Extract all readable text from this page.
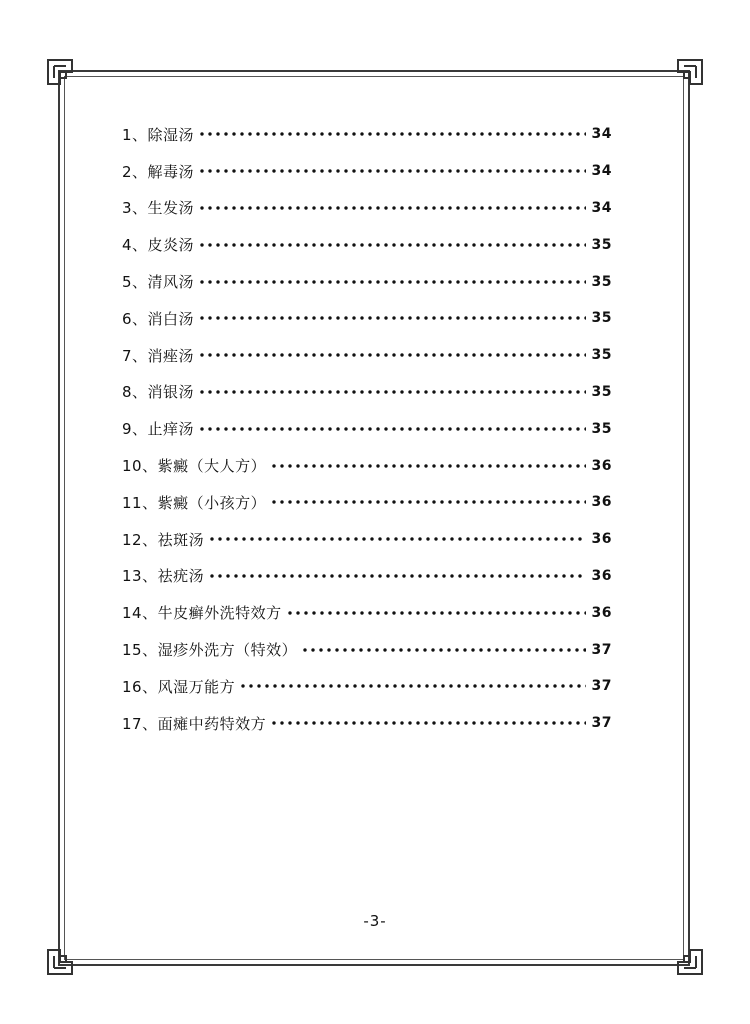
1、 除湿汤	34
2、 解毒汤	34
3、 生发汤	34
4、 皮炎汤	35
5、 清风汤	35
6、 消白汤	35
7、 消痤汤	35
8、 消银汤	35
9、 止痒汤	35
10、 紫癜（大人方）	36
11、 紫癜（小孩方）	36
12、 祛斑汤	36
13、 祛疣汤	36
14、 牛皮癣外洗特效方	36
15、 湿疹外洗方（特效）	37
16、 风湿万能方	37
17、 面瘫中药特效方	37
-3-
